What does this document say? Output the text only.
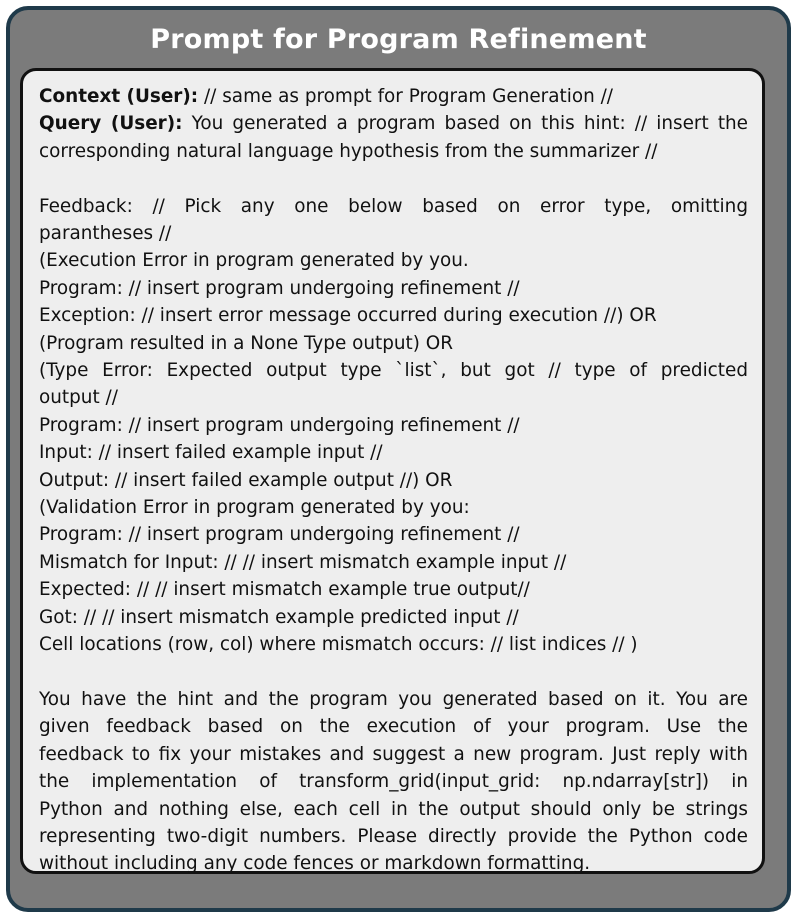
Prompt for Program Refinement
Context (User): // same as prompt for Program Generation //
Query (User): You generated a program based on this hint: // insert the
corresponding natural language hypothesis from the summarizer //
Feedback: // Pick any one below based on error type, omitting
parantheses //
(Execution Error in program generated by you.
Program: // insert program undergoing refinement //
Exception: // insert error message occurred during execution //) OR
(Program resulted in a None Type output) OR
(Type Error: Expected output type `list`, but got // type of predicted
output //
Program: // insert program undergoing refinement //
Input: // insert failed example input //
Output: // insert failed example output //) OR
(Validation Error in program generated by you:
Program: // insert program undergoing refinement //
Mismatch for Input: // // insert mismatch example input //
Expected: // // insert mismatch example true output//
Got: // // insert mismatch example predicted input //
Cell locations (row, col) where mismatch occurs: // list indices // )
You have the hint and the program you generated based on it. You are
given feedback based on the execution of your program. Use the
feedback to fix your mistakes and suggest a new program. Just reply with
the implementation of transform_grid(input_grid: np.ndarray[str]) in
Python and nothing else, each cell in the output should only be strings
representing two-digit numbers. Please directly provide the Python code
without including any code fences or markdown formatting.
